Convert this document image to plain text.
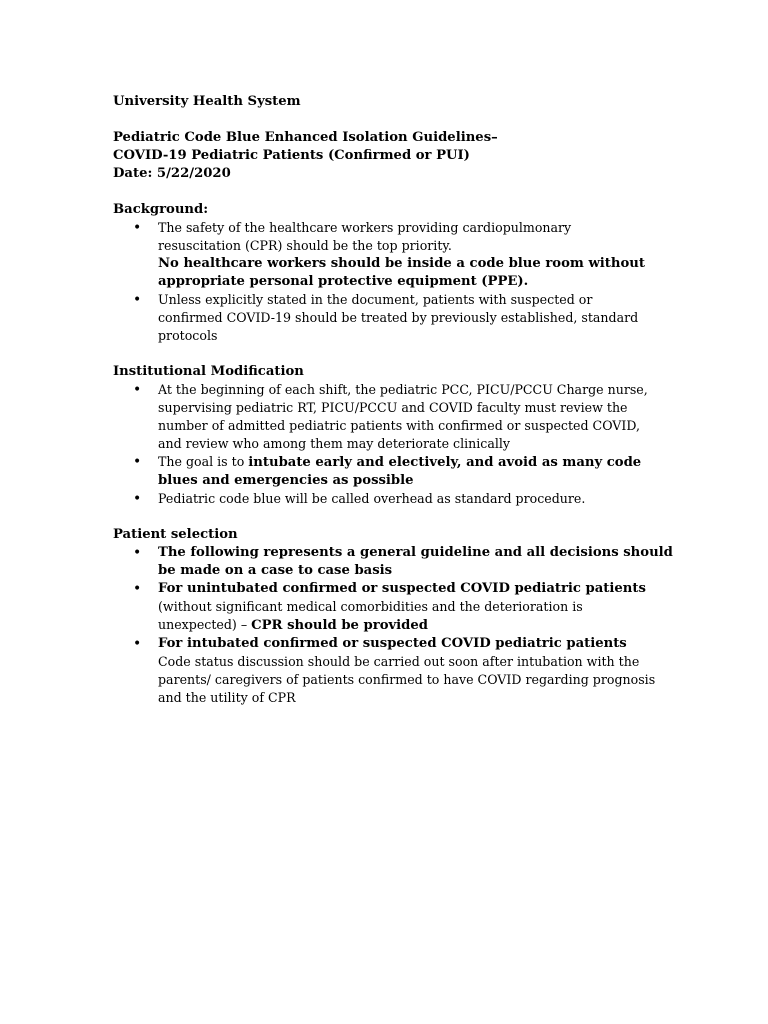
University Health System
Pediatric Code Blue Enhanced Isolation Guidelines–
COVID-19 Pediatric Patients (Confirmed or PUI)
Date: 5/22/2020
Background:
• The safety of the healthcare workers providing cardiopulmonary
resuscitation (CPR) should be the top priority.
No healthcare workers should be inside a code blue room without
appropriate personal protective equipment (PPE).
• Unless explicitly stated in the document, patients with suspected or
confirmed COVID-19 should be treated by previously established, standard
protocols
Institutional Modification
• At the beginning of each shift, the pediatric PCC, PICU/PCCU Charge nurse,
supervising pediatric RT, PICU/PCCU and COVID faculty must review the
number of admitted pediatric patients with confirmed or suspected COVID,
and review who among them may deteriorate clinically
• The goal is to intubate early and electively, and avoid as many code
blues and emergencies as possible
• Pediatric code blue will be called overhead as standard procedure.
Patient selection
• The following represents a general guideline and all decisions should
be made on a case to case basis
• For unintubated confirmed or suspected COVID pediatric patients
(without significant medical comorbidities and the deterioration is
unexpected) – CPR should be provided
• For intubated confirmed or suspected COVID pediatric patients
Code status discussion should be carried out soon after intubation with the
parents/ caregivers of patients confirmed to have COVID regarding prognosis
and the utility of CPR
